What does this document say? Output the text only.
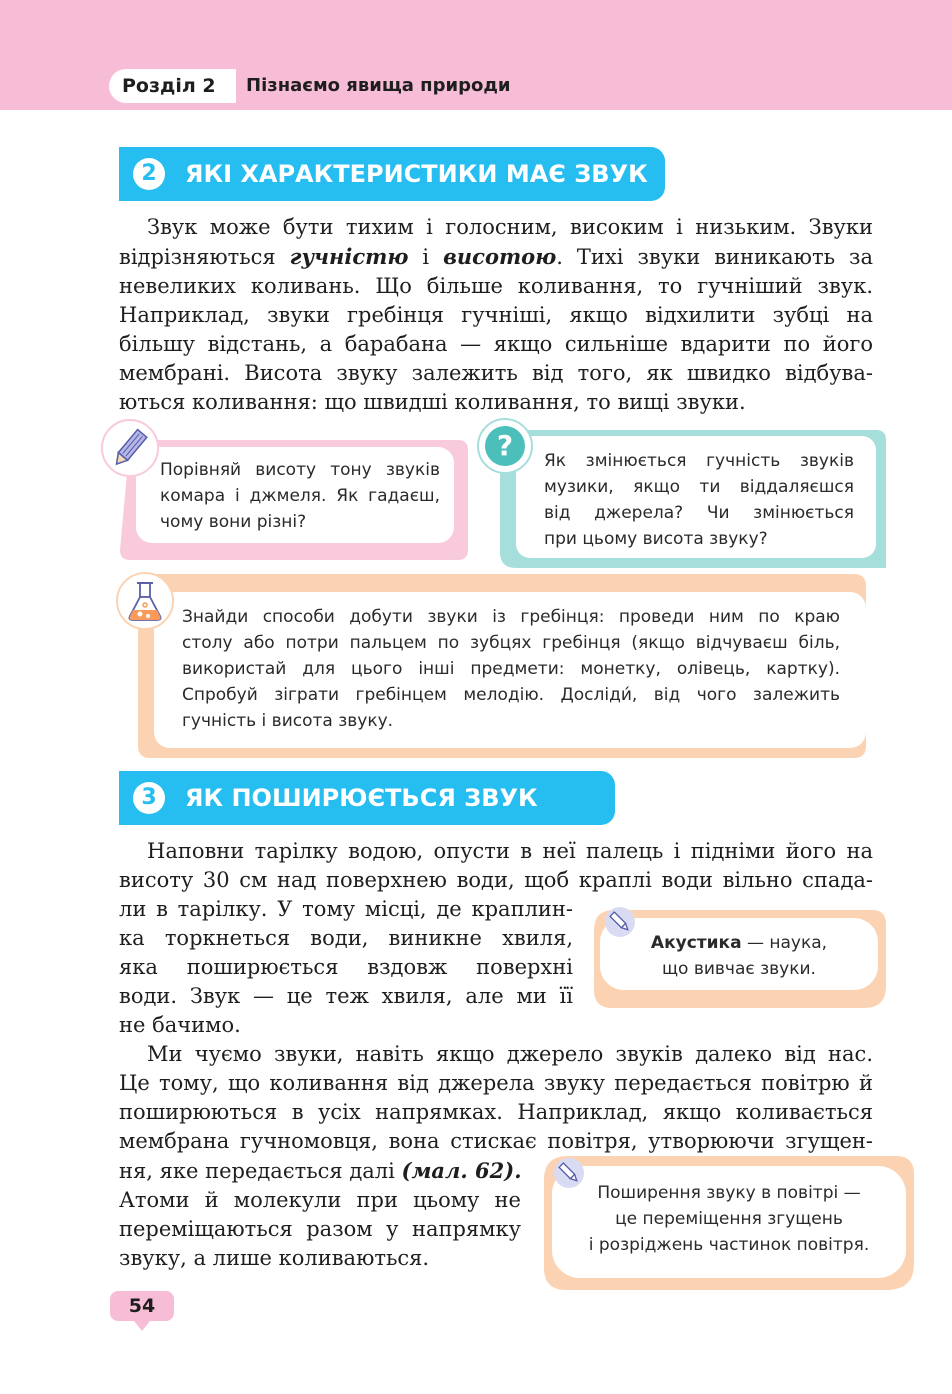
Розділ 2	Пізнаємо явища природи
2	ЯКІ ХАРАКТЕРИСТИКИ МАЄ ЗВУК
Звук може бути тихим і голосним, високим і низьким. Звуки
відрізняються гучністю і висотою. Тихі звуки виникають за
невеликих коливань. Що більше коливання, то гучніший звук.
Наприклад, звуки гребінця гучніші, якщо відхилити зубці на
більшу відстань, а барабана — якщо сильніше вдарити по його
мембрані. Висота звуку залежить від того, як швидко відбува-
ються коливання: що швидші коливання, то вищі звуки.
Порівняй висоту тону звуків
комара і джмеля. Як гадаєш,
чому вони різні?
Як змінюється гучність звуків
музики, якщо ти віддаляєшся
від джерела? Чи змінюється
при цьому висота звуку?
?
Знайди способи добути звуки із гребінця: проведи ним по краю
столу або потри пальцем по зубцях гребінця (якщо відчуваєш біль,
використай для цього інші предмети: монетку, олівець, картку).
Спробуй зіграти гребінцем мелодію. Досліди́, від чого залежить
гучність і висота звуку.
3	ЯК ПОШИРЮЄТЬСЯ ЗВУК
Наповни тарілку водою, опусти в неї палець і підніми його на
висоту 30 см над поверхнею води, щоб краплі води вільно спада-
ли в тарілку. У тому місці, де краплин-
ка торкнеться води, виникне хвиля,
яка поширюється вздовж поверхні
води. Звук — це теж хвиля, але ми її
не бачимо.
Акустика — наука,
що вивчає звуки.
Ми чуємо звуки, навіть якщо джерело звуків далеко від нас.
Це тому, що коливання від джерела звуку передається повітрю й
поширюються в усіх напрямках. Наприклад, якщо коливається
мембрана гучномовця, вона стискає повітря, утворюючи згущен-
ня, яке передається далі (мал. 62).
Атоми й молекули при цьому не
переміщаються разом у напрямку
звуку, а лише коливаються.
Поширення звуку в повітрі —
це переміщення згущень
і розріджень частинок повітря.
54
